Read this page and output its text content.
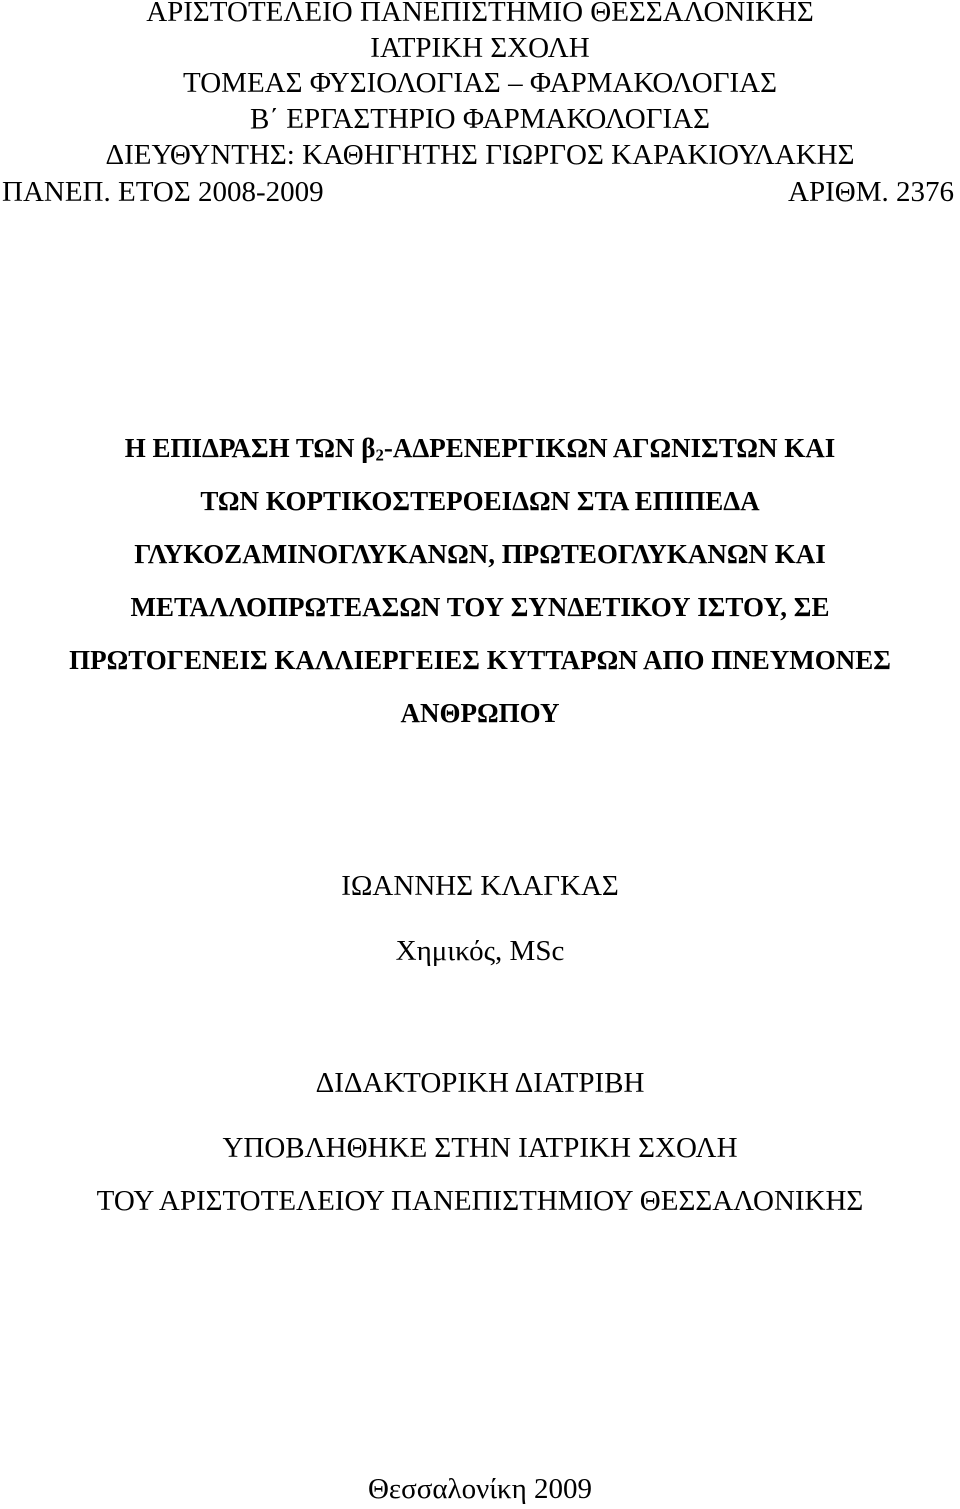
ΑΡΙΣΤΟΤΕΛΕΙΟ ΠΑΝΕΠΙΣΤΗΜΙΟ ΘΕΣΣΑΛΟΝΙΚΗΣ
ΙΑΤΡΙΚΗ ΣΧΟΛΗ
ΤΟΜΕΑΣ ΦΥΣΙΟΛΟΓΙΑΣ – ΦΑΡΜΑΚΟΛΟΓΙΑΣ
Β΄ ΕΡΓΑΣΤΗΡΙΟ ΦΑΡΜΑΚΟΛΟΓΙΑΣ
ΔΙΕΥΘΥΝΤΗΣ: ΚΑΘΗΓΗΤΗΣ ΓΙΩΡΓΟΣ ΚΑΡΑΚΙΟΥΛΑΚΗΣ
ΠΑΝΕΠ. ΕΤΟΣ 2008-2009	ΑΡΙΘΜ. 2376
Η ΕΠΙΔΡΑΣΗ ΤΩΝ $\beta_2$-ΑΔΡΕΝΕΡΓΙΚΩΝ ΑΓΩΝΙΣΤΩΝ ΚΑΙ
ΤΩΝ ΚΟΡΤΙΚΟΣΤΕΡΟΕΙΔΩΝ ΣΤΑ ΕΠΙΠΕΔΑ
ΓΛΥΚΟΖΑΜΙΝΟΓΛΥΚΑΝΩΝ, ΠΡΩΤΕΟΓΛΥΚΑΝΩΝ ΚΑΙ
ΜΕΤΑΛΛΟΠΡΩΤΕΑΣΩΝ ΤΟΥ ΣΥΝΔΕΤΙΚΟΥ ΙΣΤΟΥ, ΣΕ
ΠΡΩΤΟΓΕΝΕΙΣ ΚΑΛΛΙΕΡΓΕΙΕΣ ΚΥΤΤΑΡΩΝ ΑΠΟ ΠΝΕΥΜΟΝΕΣ
ΑΝΘΡΩΠΟΥ
ΙΩΑΝΝΗΣ ΚΛΑΓΚΑΣ
Χημικός, MSc
ΔΙΔΑΚΤΟΡΙΚΗ ΔΙΑΤΡΙΒΗ
ΥΠΟΒΛΗΘΗΚΕ ΣΤΗΝ ΙΑΤΡΙΚΗ ΣΧΟΛΗ
ΤΟΥ ΑΡΙΣΤΟΤΕΛΕΙΟΥ ΠΑΝΕΠΙΣΤΗΜΙΟΥ ΘΕΣΣΑΛΟΝΙΚΗΣ
Θεσσαλονίκη 2009
